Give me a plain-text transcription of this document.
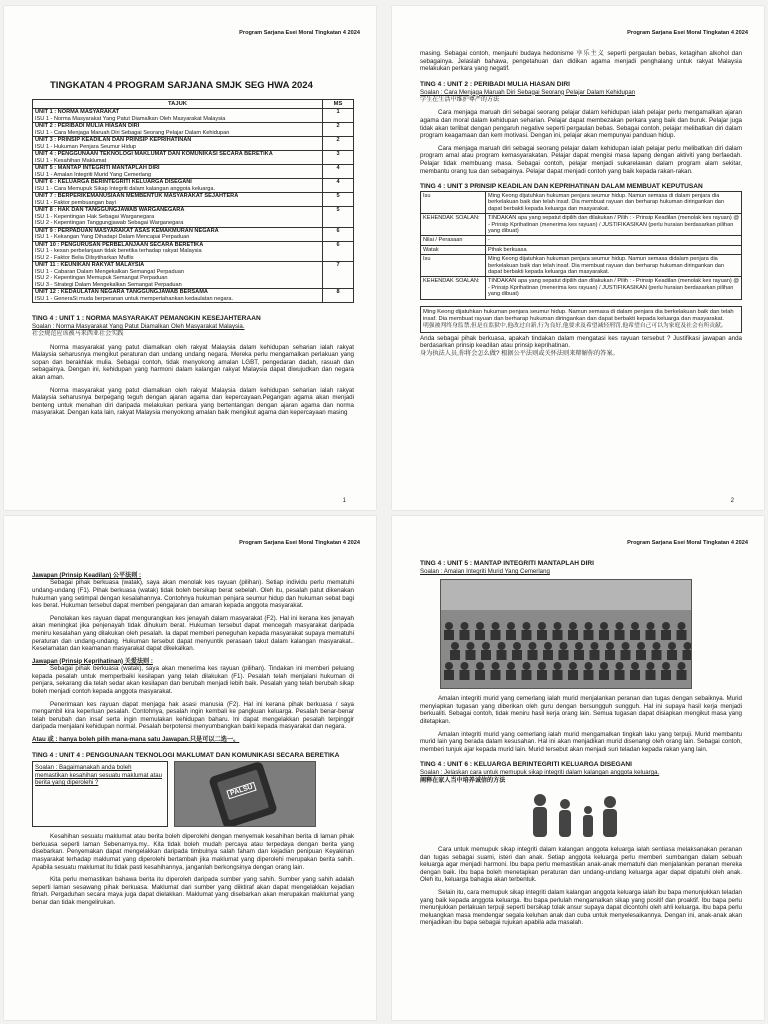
Program Sarjana Esei Moral Tingkatan 4 2024
TINGKATAN 4 PROGRAM SARJANA SMJK SEG HWA 2024
TAJUK	MS

UNIT 1 : NORMA MASYARAKAT
ISU 1 - Norma Masyarakat Yang Patut Diamalkan Oleh Masyarakat Malaysia	1

UNIT 2 : PERIBADI MULIA HIASAN DIRI
ISU 1 - Cara Menjaga Maruah Diri Sebagai Seorang Pelajar Dalam Kehidupan	2

UNIT 3 : PRINSIP KEADILAN DAN PRINSIP KEPRIHATINAN
ISU 1 - Hukuman Penjara Seumur Hidup	2

UNIT 4 : PENGGUNAAN TEKNOLOGI MAKLUMAT DAN KOMUNIKASI SECARA BERETIKA
ISU 1 - Kesahihan Maklumat	3

UNIT 5 : MANTAP INTEGRITI MANTAPLAH DIRI
ISU 1 - Amalan Integriti Murid Yang Cemerlang	4

UNIT 6 : KELUARGA BERINTEGRITI KELUARGA DISEGANI
ISU 1 - Cara Memupuk Sikap Integriti dalam kalangan anggota keluarga.	4

UNIT 7 : BERPERIKEMANUSIAAN MEMBENTUK MASYARAKAT SEJAHTERA
ISU 1 - Faktor pembuangan bayi	5

UNIT 8 : HAK DAN TANGGUNGJAWAB WARGANEGARA
ISU 1 - Kepentingan Hak Sebagai Warganegara
ISU 2 - Kepentingan Tanggungjawab Sebagai Warganegara	5

UNIT 9 : PERPADUAN MASYARAKAT ASAS KEMAKMURAN NEGARA
ISU 1 - Kekangan Yang Dihadapi Dalam Mencapai Perpaduan	6

UNIT 10 : PENGURUSAN PERBELANJAAN SECARA BERETIKA
ISU 1 - kesan perbelanjaan tidak beretika terhadap rakyat Malaysia
ISU 2 - Faktor Belia Dilsytiharkan Muflis	6

UNIT 11 : KEUNIKAN RAKYAT MALAYSIA
ISU 1 - Cabaran Dalam Mengekalkan Semangat Perpaduan
ISU 2 - Kepentingan Memupuk Semangat Perpaduan
ISU 3 - Strategi Dalam Mengekalkan Semangat Perpaduan	7

UNIT 12 : KEDAULATAN NEGARA TANGGUNGJAWAB BERSAMA
ISU 1 - GeneraSi muda berperanan untuk mempertahankan kedaulatan negara.	8

TING 4 : UNIT 1 : NORMA MASYARAKAT PEMANGKIN KESEJAHTERAAN

Soalan : Norma Masyarakat Yang Patut Diamalkan Oleh Masyarakat Malaysia.

社会规范应该被马来西亚社会实践

Norma masyarakat yang patut diamalkan oleh rakyat Malaysia dalam kehidupan seharian ialah rakyat Malaysia seharusnya mengikut peraturan dan undang undang negara. Mereka perlu mengamalkan perlakuan yang sopan dan berakhlak mulia. Sebagai contoh, tidak menyokong amalan LGBT, pengedaran dadah, rasuah dan sebagainya. Dengan ini, kehidupan yang harmoni dalam kalangan rakyat Malaysia dapat diwujudkan dan negara akan aman.

Norma masyarakat yang patut diamalkan oleh rakyat Malaysia dalam kehidupan seharian ialah rakyat Malaysia seharusnya berpegang teguh dengan ajaran agama dan kepercayaan.Pegangan agama akan menjadi benteng untuk menahan diri daripada melakukan perkara yang bertentangan dengan ajaran agama dan norma masyarakat. Dengan kata lain, rakyat Malaysia menyokong amalan baik mengikut agama dan kepercayaan masing

1
Program Sarjana Esei Moral Tingkatan 4 2024

masing. Sebagai contoh, menjauhi budaya hedonisme 享乐主义 seperti pergaulan bebas, ketagihan alkohol dan sebagainya. Jelaslah bahawa, pengetahuan dan didikan agama menjadi penghalang untuk rakyat Malaysia melakukan perkara yang negatif.

TING 4 : UNIT 2 : PERIBADI MULIA HIASAN DIRI

Soalan : Cara Menjaga Maruah Diri Sebagai Seorang Pelajar Dalam Kehidupan

学生在生活中维护尊严的方法

Cara menjaga maruah diri sebagai seorang pelajar dalam kehidupan ialah pelajar perlu mengamalkan ajaran agama dan moral dalam kehidupan seharian. Pelajar dapat membezakan perkara yang baik dan buruk. Pelajar juga tidak akan terlibat dengan pengaruh negative seperti pergaulan bebas. Sebagai contoh, pelajar melibatkan diri dalam program keagamaan dan kem motivasi. Dengan ini, pelajar akan mempunyai panduan hidup.

Cara menjaga maruah diri sebagai seorang pelajar dalam kehidupan ialah pelajar perlu melibatkan diri dalam program amal atau program kemasyarakatan. Pelajar dapat mengisi masa lapang dengan aktiviti yang berfaedah. Pelajar tidak membuang masa. Sebagai contoh, pelajar menjadi sukarelawan dalam program alam sekitar, membantu orang tua dan sebagainya. Pelajar dapat menjadi contoh yang baik kepada rakan-rakan.

TING 4 : UNIT 3 PRINSIP KEADILAN DAN KEPRIHATINAN DALAM MEMBUAT KEPUTUSAN

Isu	Ming Keong dijatuhkan hukuman penjara seumur hidup. Namun semasa di dalam penjara dia berkelakuan baik dan telah insaf. Dia membuat rayuan dan berharap hukuman diringankan dan dapat berbakti kepada keluarga dan masyarakat.
KEHENDAK SOALAN:	TINDAKAN apa yang sepatut dipilih dan dilakukan / Pilih : - Prinsip Keadilan (menolak kes rayuan) @ - Prinsip Kprihatinan (menerima kes rayuan) / JUSTIFIKASIKAN (perlu huraian berdasarkan pilihan yang dibuat)
Nilai / Perasaan	-
Watak	Pihak berkuasa
Isu	Ming Keong dijatuhkan hukuman penjara seumur hidup. Namun semasa didalam penjara dia berkelakuan baik dan telah insaf. Dia membuat rayuan dan berharap hukuman diringankan dan dapat berbakti kepada keluarga dan masyarakat.
KEHENDAK SOALAN:	TINDAKAN apa yang sepatut dipilih dan dilakukan / Pilih : - Prinsip Keadilan (menolak kes rayuan) @ - Prinsip Kprihatinan (menerima kes rayuan) / JUSTIFIKASIKAN (perlu huraian berdasarkan pilihan yang dibuat)
Ming Keong dijatuhkan hukuman penjara seumur hidup. Namun semasa di dalam penjara dia berkelakuan baik dan telah insaf. Dia membuat rayuan dan berharap hukuman diringankan dan dapat berbakti kepada keluarga dan masyarakat.
明强被判终身监禁,但是在监狱中,他改过自新,行为良好,他要求及希望减轻刑罚,他希望自己可以为家庭及社会有所贡献。

Anda sebagai pihak berkuasa, apakah tindakan dalam mengatasi kes rayuan tersebut ? Justifikasi jawapan anda berdasarkan prinsip keadilan atau prinsip keprihatinan.

身为执法人员,你将会怎么做? 根据公平法则或关怀法则来辩解你的答案。

2
Program Sarjana Esei Moral Tingkatan 4 2024

Jawapan (Prinsip Keadilan) 公平法则 :

Sebagai pihak berkuasa (watak), saya akan menolak kes rayuan (pilihan). Setiap individu perlu mematuhi undang-undang (F1). Pihak berkuasa (watak) tidak boleh bersikap berat sebelah. Oleh itu, pesalah patut dikenakan hukuman yang setimpal dengan kesalahannya. Contohnya hukuman penjara seumur hidup dan hukuman sebat bagi kes berat. Hukuman tersebut dapat memberi pengajaran dan amaran kepada anggota masyarakat.

Penolakan kes rayuan dapat mengurangkan kes jenayah dalam masyarakat (F2). Hal ini kerana kes jenayah akan meningkat jika penjenayah tidak dihukum berat. Hukuman tersebut dapat mencegah masyarakat daripada meniru kesalahan yang dilakukan oleh pesalah. Ia dapat memberi peneguhan kepada masyarakat supaya mematuhi peraturan dan undang-undang. Hukuman tersebut dapat menyuntik perasaan takut dalam kalangan masyarakat.. Keselamatan dan keamanan masyarakat dapat dikekalkan.

Jawapan (Prinsip Keprihatinan) 关爱法则 :

Sebagai pihak berkuasa (watak), saya akan menerima kes rayuan (pilihan). Tindakan ini memberi peluang kepada pesalah untuk memperbaiki kesilapan yang telah dilakukan (F1). Pesalah telah menjalani hukuman di penjara, sekarang dia telah sedar akan kesilapan dan berubah menjadi lebih baik. Pesalah yang telah berubah sikap boleh menjadi contoh kepada anggota masyarakat.

Penerimaan kes rayuan dapat menjaga hak asasi manusia (F2). Hal ini kerana pihak berkuasa / saya mengambil kira keperluan pesalah. Contohnya, pesalah ingin kembali ke pangkuan keluarga. Pesalah benar-benar telah berubah dan insaf serta ingin memulakan kehidupan baharu. Ini dapat mengelakkan pesalah terpinggir daripada menjalani kehidupan normal. Pesalah berpotensi menyumbangkan bakti kepada masyarakat dan negara.

Atau 或 : hanya boleh pilih mana-mana satu Jawapan.只是可以二选一。

TING 4 : UNIT 4 : PENGGUNAAN TEKNOLOGI MAKLUMAT DAN KOMUNIKASI SECARA BERETIKA

Soalan : Bagaimanakah anda boleh memastikan kesahihan sesuatu maklumat atau berita yang diperolehi ?

PALSU

Kesahihan sesuatu maklumat atau berita boleh diperolehi dengan menyemak kesahihan berita di laman pihak berkuasa seperti laman Sebenarnya.my.. Kita tidak boleh mudah percaya atau terpedaya dengan berita yang disebarkan. Penyemakan dapat mengelakkan daripada timbulnya salah faham dan kejadian penipuan Keyakinan masyarakat terhadap maklumat yang diperolehi bertambah jika maklumat yang diperolehi merupakan berita sahih. Apabila sesuatu maklumat itu tidak pasti kesahihannya, janganlah berkongsinya dengan orang lain.

Kita perlu memastikan bahawa berita itu diperoleh daripada sumber yang sahih. Sumber yang sahih adalah seperti laman sesawang pihak berkuasa. Maklumat dari sumber yang diiktiraf akan dapat mengelakkan kejadian fitnah. Pergaduhan secara maya juga dapat dielakkan. Maklumat yang disebarkan akan merupakan maklumat yang benar dan tidak mengelirukan.

Program Sarjana Esei Moral Tingkatan 4 2024

TING 4 : UNIT 5 : MANTAP INTEGRITI MANTAPLAH DIRI

Soalan : Amalan Integriti Murid Yang Cemerlang

Amalan integriti murid yang cemerlang ialah murid menjalankan peranan dan tugas dengan sebaiknya. Murid menyiapkan tugasan yang diberikan oleh guru dengan bersungguh sungguh. Hal ini supaya hasil kerja menjadi berkualiti. Sebagai contoh, tidak meniru hasil kerja orang lain. Semua tugasan dapat disiapkan mengikut masa yang ditetapkan.

Amalan integriti murid yang cemerlang ialah murid mengamalkan tingkah laku yang terpuji. Murid membantu murid lain yang berada dalam kesusahan. Hal ini akan menjadikan murid disenangi oleh orang lain. Sebagai contoh, memberi tunjuk ajar kepada murid lain. Murid tersebut akan menjadi suri teladan kepada rakan yang lain.

TING 4 : UNIT 6 : KELUARGA BERINTEGRITI KELUARGA DISEGANI

Soalan : Jelaskan cara untuk memupuk sikap integriti dalam kalangan anggota keluarga.

阐释在家人当中培养诚信的方法

Cara untuk memupuk sikap integriti dalam kalangan anggota keluarga ialah sentiasa melaksanakan peranan dan tugas sebagai suami, isteri dan anak. Setiap anggota keluarga perlu memberi sumbangan dalam sebuah keluarga agar menjadi harmoni. Ibu bapa perlu memastikan anak-anak mematuhi dan menjalankan peranan mereka dengan baik. Ibu bapa boleh menetapkan peraturan dan undang-undang keluarga agar dapat dipatuhi oleh anak. Oleh itu, keluarga bahagia akan terbentuk.

Selain itu, cara memupuk sikap integriti dalam kalangan anggota keluarga ialah ibu bapa menunjukkan teladan yang baik kepada anggota keluarga. Ibu bapa perlulah mengamalkan sikap yang positif dan proaktif. Ibu bapa perlu menunjukkan perlakuan terpuji seperti bersikap tolak ansur supaya dapat dicontohi oleh ahli keluarga. Ibu bapa perlu meluangkan masa mendengar segala keluhan anak dan cuba untuk menyelesaikannya. Dengan ini, anak-anak akan menjadikan ibu bapa sebagai rujukan apabila ada masalah.
